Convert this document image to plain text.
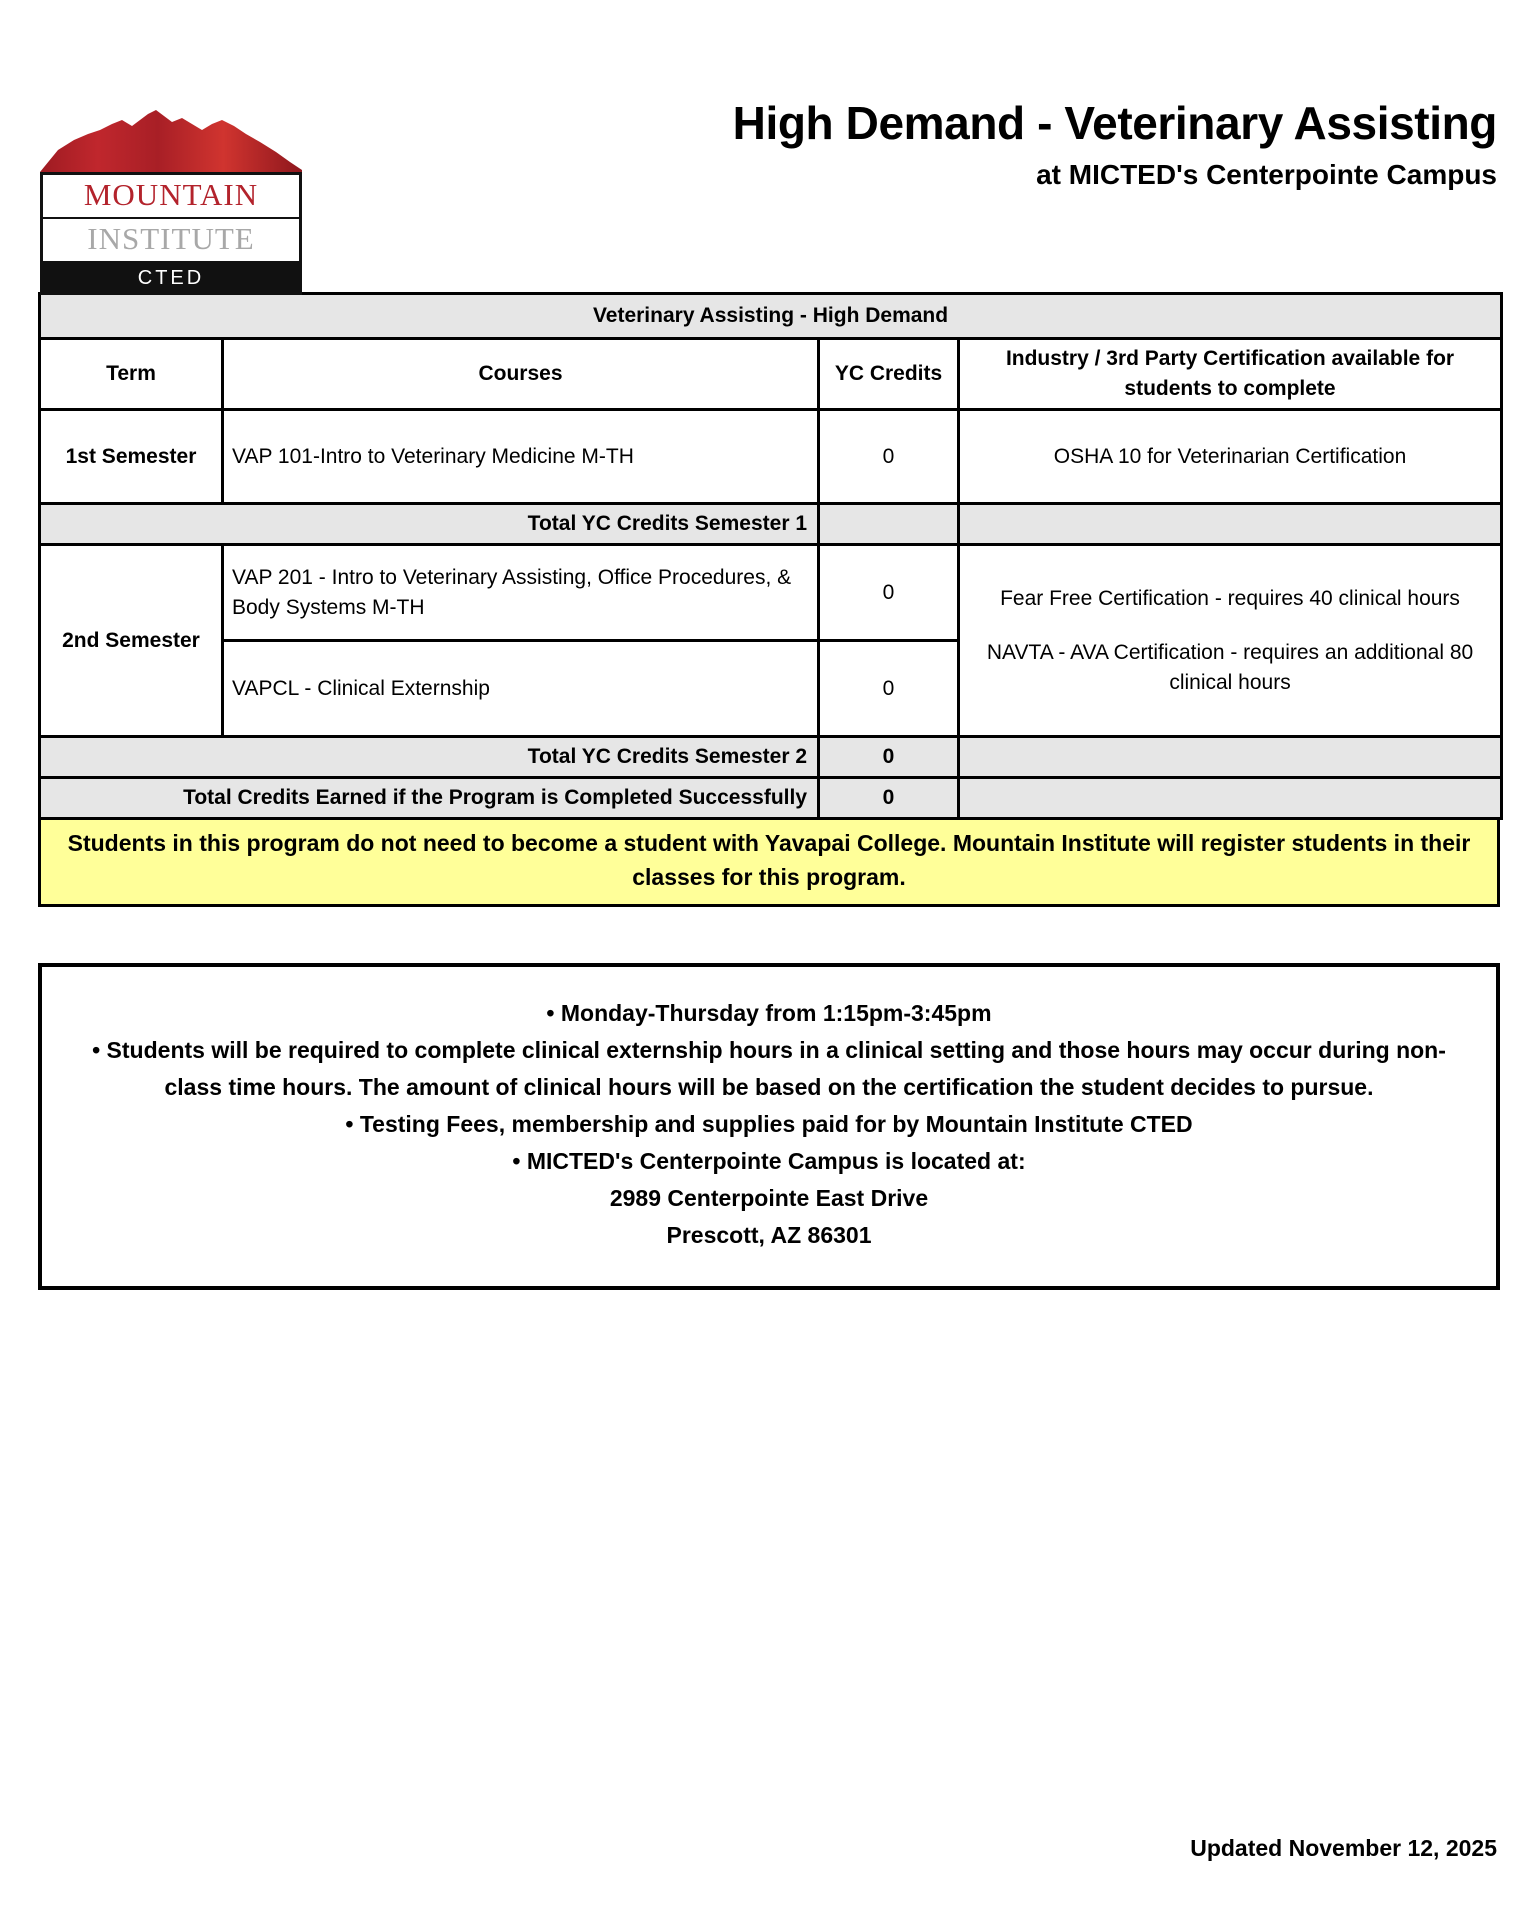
MOUNTAIN
INSTITUTE
CTED
High Demand - Veterinary Assisting
at MICTED's Centerpointe Campus
Veterinary Assisting - High Demand			
Term	Courses	YC Credits	Industry / 3rd Party Certification available for students to complete
1st Semester	VAP 101-Intro to Veterinary Medicine M-TH	0	OSHA 10 for Veterinarian Certification
Total YC Credits Semester 1			
2nd Semester	VAP 201 - Intro to Veterinary Assisting, Office Procedures, & Body Systems M-TH	0	Fear Free Certification - requires 40 clinical hours
NAVTA - AVA Certification - requires an additional 80 clinical hours

	VAPCL - Clinical Externship	0	
Total YC Credits Semester 2		0	
Total Credits Earned if the Program is Completed Successfully		0	
Students in this program do not need to become a student with Yavapai College. Mountain Institute will register students in their classes for this program.

• Monday-Thursday from 1:15pm-3:45pm

• Students will be required to complete clinical externship hours in a clinical setting and those hours may occur during non-class time hours. The amount of clinical hours will be based on the certification the student decides to pursue.

• Testing Fees, membership and supplies paid for by Mountain Institute CTED

• MICTED's Centerpointe Campus is located at:

2989 Centerpointe East Drive

Prescott, AZ 86301

Updated November 12, 2025
